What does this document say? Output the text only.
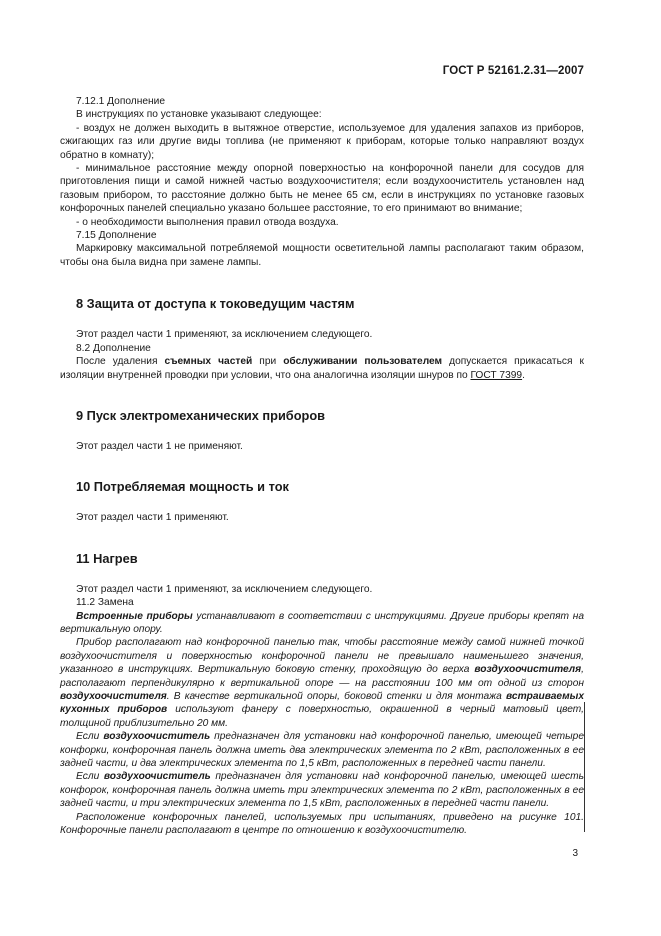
ГОСТ Р 52161.2.31—2007

7.12.1 Дополнение

В инструкциях по установке указывают следующее:

- воздух не должен выходить в вытяжное отверстие, используемое для удаления запахов из приборов, сжигающих газ или другие виды топлива (не применяют к приборам, которые только направляют воздух обратно в комнату);

- минимальное расстояние между опорной поверхностью на конфорочной панели для сосудов для приготовления пищи и самой нижней частью воздухоочистителя; если воздухоочиститель установлен над газовым прибором, то расстояние должно быть не менее 65 см, если в инструкциях по установке газовых конфорочных панелей специально указано большее расстояние, то его принимают во внимание;

- о необходимости выполнения правил отвода воздуха.

7.15 Дополнение

Маркировку максимальной потребляемой мощности осветительной лампы располагают таким образом, чтобы она была видна при замене лампы.

8 Защита от доступа к токоведущим частям

Этот раздел части 1 применяют, за исключением следующего.

8.2 Дополнение

После удаления съемных частей при обслуживании пользователем допускается прикасаться к изоляции внутренней проводки при условии, что она аналогична изоляции шнуров по ГОСТ 7399.

9 Пуск электромеханических приборов

Этот раздел части 1 не применяют.

10 Потребляемая мощность и ток

Этот раздел части 1 применяют.

11 Нагрев

Этот раздел части 1 применяют, за исключением следующего.

11.2 Замена

Встроенные приборы устанавливают в соответствии с инструкциями. Другие приборы крепят на вертикальную опору.

Прибор располагают над конфорочной панелью так, чтобы расстояние между самой нижней точкой воздухоочистителя и поверхностью конфорочной панели не превышало наименьшего значения, указанного в инструкциях. Вертикальную боковую стенку, проходящую до верха воздухоочистителя, располагают перпендикулярно к вертикальной опоре — на расстоянии 100 мм от одной из сторон воздухоочистителя. В качестве вертикальной опоры, боковой стенки и для монтажа встраиваемых кухонных приборов используют фанеру с поверхностью, окрашенной в черный матовый цвет, толщиной приблизительно 20 мм.

Если воздухоочиститель предназначен для установки над конфорочной панелью, имеющей четыре конфорки, конфорочная панель должна иметь два электрических элемента по 2 кВт, расположенных в ее задней части, и два электрических элемента по 1,5 кВт, расположенных в передней части панели.

Если воздухоочиститель предназначен для установки над конфорочной панелью, имеющей шесть конфорок, конфорочная панель должна иметь три электрических элемента по 2 кВт, расположенных в ее задней части, и три электрических элемента по 1,5 кВт, расположенных в передней части панели.

Расположение конфорочных панелей, используемых при испытаниях, приведено на рисунке 101. Конфорочные панели располагают в центре по отношению к воздухоочистителю.

3
